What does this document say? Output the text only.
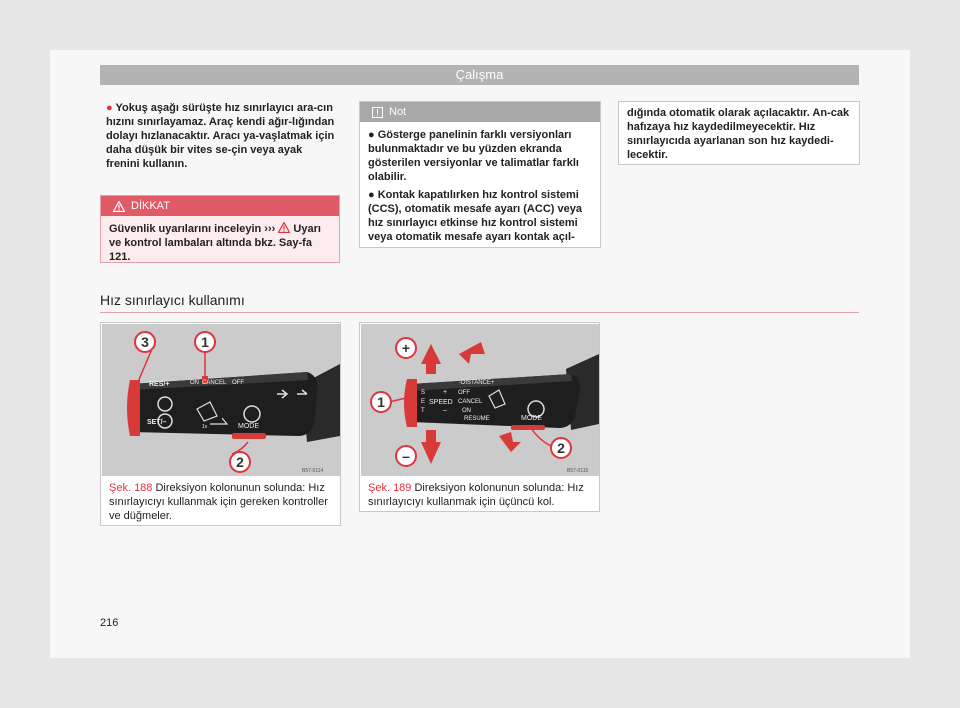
Çalışma
● Yokuş aşağı sürüşte hız sınırlayıcı ara-cın hızını sınırlayamaz. Araç kendi ağır-lığından dolayı hızlanacaktır. Aracı ya-vaşlatmak için daha düşük bir vites se-çin veya ayak frenini kullanın.
DİKKAT
Güvenlik uyarılarını inceleyin ››› Uyarı ve kontrol lambaları altında bkz. Say-fa 121.
Not
● Gösterge panelinin farklı versiyonları bulunmaktadır ve bu yüzden ekranda gösterilen versiyonlar ve talimatlar farklı olabilir.
● Kontak kapatılırken hız kontrol sistemi (CCS), otomatik mesafe ayarı (ACC) veya hız sınırlayıcı etkinse hız kontrol sistemi veya otomatik mesafe ayarı kontak açıl-
dığında otomatik olarak açılacaktır. An-cak hafızaya hız kaydedilmeyecektir. Hız sınırlayıcıda ayarlanan son hız kaydedi-lecektir.
Hız sınırlayıcı kullanımı
RES/+	ON CANCEL OFF
SET/–
MODE
1x
3	1
2
B57-0114
Şek. 188 Direksiyon kolonunun solunda: Hız sınırlayıcıyı kullanmak için gereken kontroller ve düğmeler.
-DISTANCE+
S
E
T
SPEED
OFF
CANCEL
ON
RESUME	MODE
+
–
+
1
–	2
B57-0115
Şek. 189 Direksiyon kolonunun solunda: Hız sınırlayıcıyı kullanmak için üçüncü kol.
216
